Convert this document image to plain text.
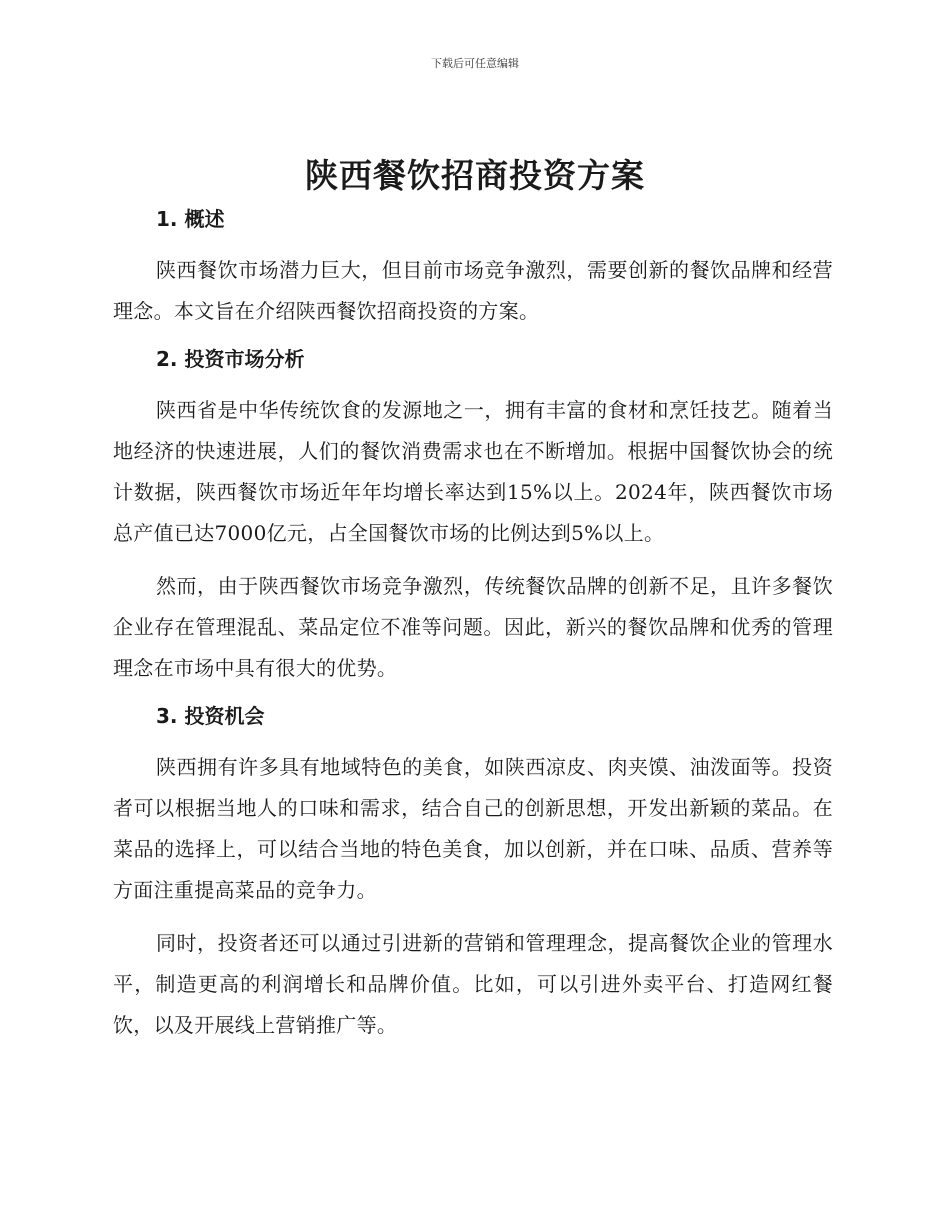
下载后可任意编辑
陕西餐饮招商投资方案
1. 概述

陕西餐饮市场潜力巨大，但目前市场竞争激烈，需要创新的餐饮品牌和经营理念。本文旨在介绍陕西餐饮招商投资的方案。

2. 投资市场分析

陕西省是中华传统饮食的发源地之一，拥有丰富的食材和烹饪技艺。随着当地经济的快速进展，人们的餐饮消费需求也在不断增加。根据中国餐饮协会的统计数据，陕西餐饮市场近年年均增长率达到15%以上。2024年，陕西餐饮市场总产值已达7000亿元，占全国餐饮市场的比例达到5%以上。

然而，由于陕西餐饮市场竞争激烈，传统餐饮品牌的创新不足，且许多餐饮企业存在管理混乱、菜品定位不准等问题。因此，新兴的餐饮品牌和优秀的管理理念在市场中具有很大的优势。

3. 投资机会

陕西拥有许多具有地域特色的美食，如陕西凉皮、肉夹馍、油泼面等。投资者可以根据当地人的口味和需求，结合自己的创新思想，开发出新颖的菜品。在菜品的选择上，可以结合当地的特色美食，加以创新，并在口味、品质、营养等方面注重提高菜品的竞争力。

同时，投资者还可以通过引进新的营销和管理理念，提高餐饮企业的管理水平，制造更高的利润增长和品牌价值。比如，可以引进外卖平台、打造网红餐饮，以及开展线上营销推广等。
